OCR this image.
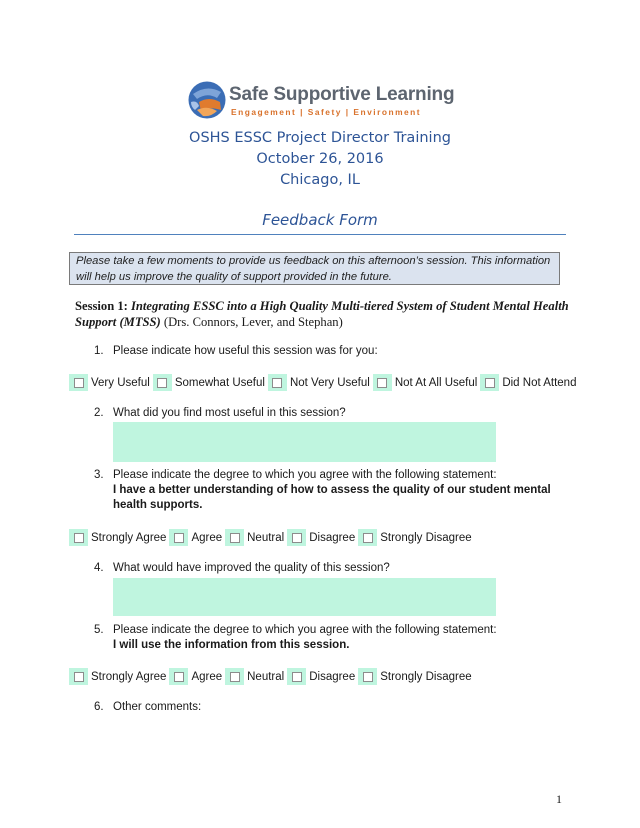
Safe Supportive Learning
Engagement | Safety | Environment
OSHS ESSC Project Director Training
October 26, 2016
Chicago, IL
Feedback Form
Please take a few moments to provide us feedback on this afternoon’s session. This information will help us improve the quality of support provided in the future.
Session 1: Integrating ESSC into a High Quality Multi-tiered System of Student Mental Health Support (MTSS) (Drs. Connors, Lever, and Stephan)
1. Please indicate how useful this session was for you:
Very Useful Somewhat Useful Not Very Useful Not At All Useful Did Not Attend
2. What did you find most useful in this session?
3. Please indicate the degree to which you agree with the following statement:
I have a better understanding of how to assess the quality of our student mental health supports.
Strongly Agree Agree Neutral Disagree Strongly Disagree
4. What would have improved the quality of this session?
5. Please indicate the degree to which you agree with the following statement:
I will use the information from this session.
Strongly Agree Agree Neutral Disagree Strongly Disagree
6. Other comments:
1
